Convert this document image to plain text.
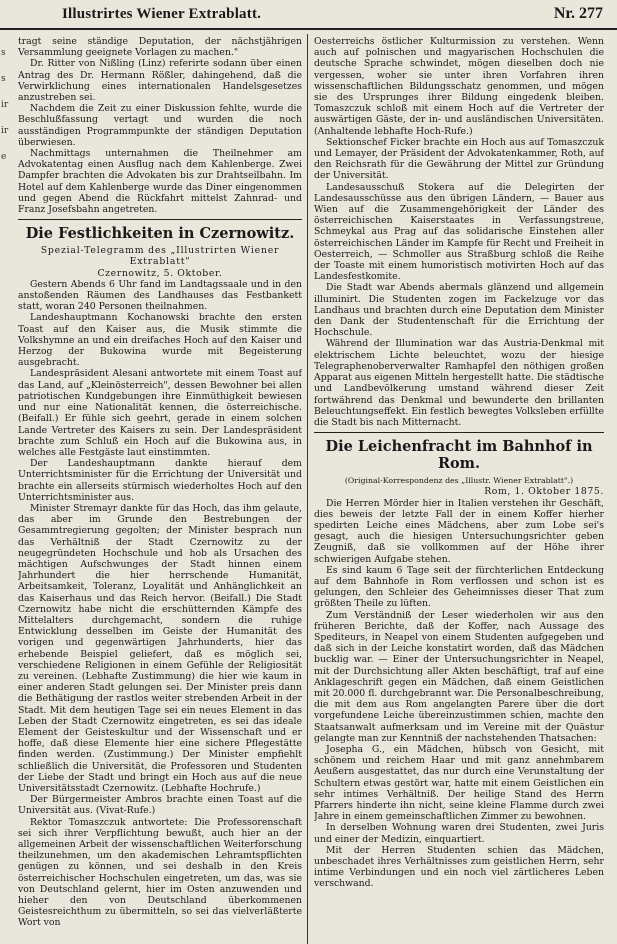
Illustrirtes Wiener Extrablatt.	Nr. 277
s
s
ir
ir
e

tragt seine ständige Deputation, der nächstjährigen Versammlung geeignete Vorlagen zu machen."

Dr. Ritter von Nißling (Linz) referirte sodann über einen Antrag des Dr. Hermann Rößler, dahingehend, daß die Verwirklichung eines internationalen Handelsgesetzes anzustreben sei.

Nachdem die Zeit zu einer Diskussion fehlte, wurde die Beschlußfassung vertagt und wurden die noch ausständigen Programmpunkte der ständigen Deputation überwiesen.

Nachmittags unternahmen die Theilnehmer am Advokatentag einen Ausflug nach dem Kahlenberge. Zwei Dampfer brachten die Advokaten bis zur Drahtseilbahn. Im Hotel auf dem Kahlenberge wurde das Diner eingenommen und gegen Abend die Rückfahrt mittelst Zahnrad- und Franz Josefsbahn angetreten.

Die Festlichkeiten in Czernowitz.
Spezial-Telegramm des „Illustrirten Wiener Extrablatt"
Czernowitz, 5. Oktober.

Gestern Abends 6 Uhr fand im Landtagssaale und in den anstoßenden Räumen des Landhauses das Festbankett statt, woran 240 Personen theilnahmen.

Landeshauptmann Kochanowski brachte den ersten Toast auf den Kaiser aus, die Musik stimmte die Volkshymne an und ein dreifaches Hoch auf den Kaiser und Herzog der Bukowina wurde mit Begeisterung ausgebracht.

Landespräsident Alesani antwortete mit einem Toast auf das Land, auf „Kleinösterreich", dessen Bewohner bei allen patriotischen Kundgebungen ihre Einmüthigkeit bewiesen und nur eine Nationalität kennen, die österreichische. (Beifall.) Er fühle sich geehrt, gerade in einem solchen Lande Vertreter des Kaisers zu sein. Der Landespräsident brachte zum Schluß ein Hoch auf die Bukowina aus, in welches alle Festgäste laut einstimmten.

Der Landeshauptmann dankte hierauf dem Unterrichtsminister für die Errichtung der Universität und brachte ein allerseits stürmisch wiederholtes Hoch auf den Unterrichtsminister aus.

Minister Stremayr dankte für das Hoch, das ihm gelaute, das aber im Grunde den Bestrebungen der Gesammtregierung gegolten; der Minister besprach nun das Verhältniß der Stadt Czernowitz zu der neugegründeten Hochschule und hob als Ursachen des mächtigen Aufschwunges der Stadt hinnen einem Jahrhundert die hier herrschende Humanität, Arbeitsamkeit, Toleranz, Loyalität und Anhänglichkeit an das Kaiserhaus und das Reich hervor. (Beifall.) Die Stadt Czernowitz habe nicht die erschütternden Kämpfe des Mittelalters durchgemacht, sondern die ruhige Entwicklung desselben im Geiste der Humanität des vorigen und gegenwärtigen Jahrhunderts, hier das erhebende Beispiel geliefert, daß es möglich sei, verschiedene Religionen in einem Gefühle der Religiosität zu vereinen. (Lebhafte Zustimmung) die hier wie kaum in einer anderen Stadt gelungen sei. Der Minister preis dann die Bethätigung der rastlos weiter strebenden Arbeit in der Stadt. Mit dem heutigen Tage sei ein neues Element in das Leben der Stadt Czernowitz eingetreten, es sei das ideale Element der Geisteskultur und der Wissenschaft und er hoffe, daß diese Elemente hier eine sichere Pflegestätte finden werden. (Zustimmung.) Der Minister empfiehlt schließlich die Universität, die Professoren und Studenten der Liebe der Stadt und bringt ein Hoch aus auf die neue Universitätsstadt Czernowitz. (Lebhafte Hochrufe.)

Der Bürgermeister Ambros brachte einen Toast auf die Universität aus. (Vivat-Rufe.)

Rektor Tomaszczuk antwortete: Die Professorenschaft sei sich ihrer Verpflichtung bewußt, auch hier an der allgemeinen Arbeit der wissenschaftlichen Weiterforschung theilzunehmen, um den akademischen Lehramtspflichten genügen zu können, und sei deshalb in den Kreis österreichischer Hochschulen eingetreten, um das, was sie von Deutschland gelernt, hier im Osten anzuwenden und hieher den von Deutschland überkommenen Geistesreichthum zu übermitteln, so sei das vielverläßterte Wort von

Oesterreichs östlicher Kulturmission zu verstehen. Wenn auch auf polnischen und magyarischen Hochschulen die deutsche Sprache schwindet, mögen dieselben doch nie vergessen, woher sie unter ihren Vorfahren ihren wissenschaftlichen Bildungsschatz genommen, und mögen sie des Ursprunges ihrer Bildung eingedenk bleiben. Tomaszczuk schloß mit einem Hoch auf die Vertreter der auswärtigen Gäste, der in- und ausländischen Universitäten. (Anhaltende lebhafte Hoch-Rufe.)

Sektionschef Ficker brachte ein Hoch aus auf Tomaszczuk und Lemayer, der Präsident der Advokatenkammer, Roth, auf den Reichsrath für die Gewährung der Mittel zur Gründung der Universität.

Landesausschuß Stokera auf die Delegirten der Landesausschüsse aus den übrigen Ländern, — Bauer aus Wien auf die Zusammengehörigkeit der Länder des österreichischen Kaiserstaates in Verfassungstreue, Schmeykal aus Prag auf das solidarische Einstehen aller österreichischen Länder im Kampfe für Recht und Freiheit in Oesterreich, — Schmoller aus Straßburg schloß die Reihe der Toaste mit einem humoristisch motivirten Hoch auf das Landesfestkomite.

Die Stadt war Abends abermals glänzend und allgemein illuminirt. Die Studenten zogen im Fackelzuge vor das Landhaus und brachten durch eine Deputation dem Minister den Dank der Studentenschaft für die Errichtung der Hochschule.

Während der Illumination war das Austria-Denkmal mit elektrischem Lichte beleuchtet, wozu der hiesige Telegraphenoberverwalter Ramhapfel den nöthigen großen Apparat aus eigenen Mitteln hergestellt hatte. Die städtische und Landbevölkerung umstand während dieser Zeit fortwährend das Denkmal und bewunderte den brillanten Beleuchtungseffekt. Ein festlich bewegtes Volksleben erfüllte die Stadt bis nach Mitternacht.

Die Leichenfracht im Bahnhof in Rom.
(Original-Korrespondenz des „Illustr. Wiener Extrablatt".)
Rom, 1. Oktober 1875.

Die Herren Mörder hier in Italien verstehen ihr Geschäft, dies beweis der letzte Fall der in einem Koffer hierher spedirten Leiche eines Mädchens, aber zum Lobe sei's gesagt, auch die hiesigen Untersuchungsrichter geben Zeugniß, daß sie vollkommen auf der Höhe ihrer schwierigen Aufgabe stehen.

Es sind kaum 6 Tage seit der fürchterlichen Entdeckung auf dem Bahnhofe in Rom verflossen und schon ist es gelungen, den Schleier des Geheimnisses dieser That zum größten Theile zu lüften.

Zum Verständniß der Leser wiederholen wir aus den früheren Berichte, daß der Koffer, nach Aussage des Spediteurs, in Neapel von einem Studenten aufgegeben und daß sich in der Leiche konstatirt worden, daß das Mädchen bucklig war. — Einer der Untersuchungsrichter in Neapel, mit der Durchsichtung aller Akten beschäftigt, traf auf eine Anklageschrift gegen ein Mädchen, daß einem Geistlichen mit 20.000 fl. durchgebrannt war. Die Personalbeschreibung, die mit dem aus Rom angelangten Parere über die dort vorgefundene Leiche übereinzustimmen schien, machte den Staatsanwalt aufmerksam und im Vereine mit der Quästur gelangte man zur Kenntniß der nachstehenden Thatsachen:

Josepha G., ein Mädchen, hübsch von Gesicht, mit schönem und reichem Haar und mit ganz annehmbarem Aeußern ausgestattet, das nur durch eine Verunstaltung der Schultern etwas gestört war, hatte mit einem Geistlichen ein sehr intimes Verhältniß. Der heilige Stand des Herrn Pfarrers hinderte ihn nicht, seine kleine Flamme durch zwei Jahre in einem gemeinschaftlichen Zimmer zu bewohnen.

In derselben Wohnung waren drei Studenten, zwei Juris und einer der Medizin, einquartiert.

Mit der Herren Studenten schien das Mädchen, unbeschadet ihres Verhältnisses zum geistlichen Herrn, sehr intime Verbindungen und ein noch viel zärtlicheres Leben verschwand.
